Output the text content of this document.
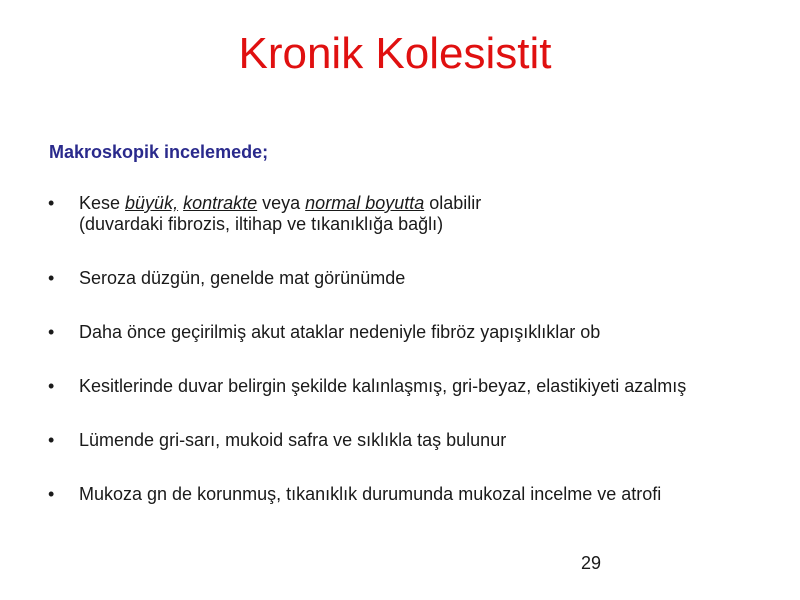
Kronik Kolesistit
Makroskopik incelemede;
•	Kese büyük, kontrakte veya normal boyutta olabilir
(duvardaki fibrozis, iltihap ve tıkanıklığa bağlı)
•	Seroza düzgün, genelde mat görünümde
•	Daha önce geçirilmiş akut ataklar nedeniyle fibröz yapışıklıklar ob
•	Kesitlerinde duvar belirgin şekilde kalınlaşmış, gri-beyaz, elastikiyeti azalmış
•	Lümende gri-sarı, mukoid safra ve sıklıkla taş bulunur
•	Mukoza gn de korunmuş, tıkanıklık durumunda mukozal incelme ve atrofi
29
